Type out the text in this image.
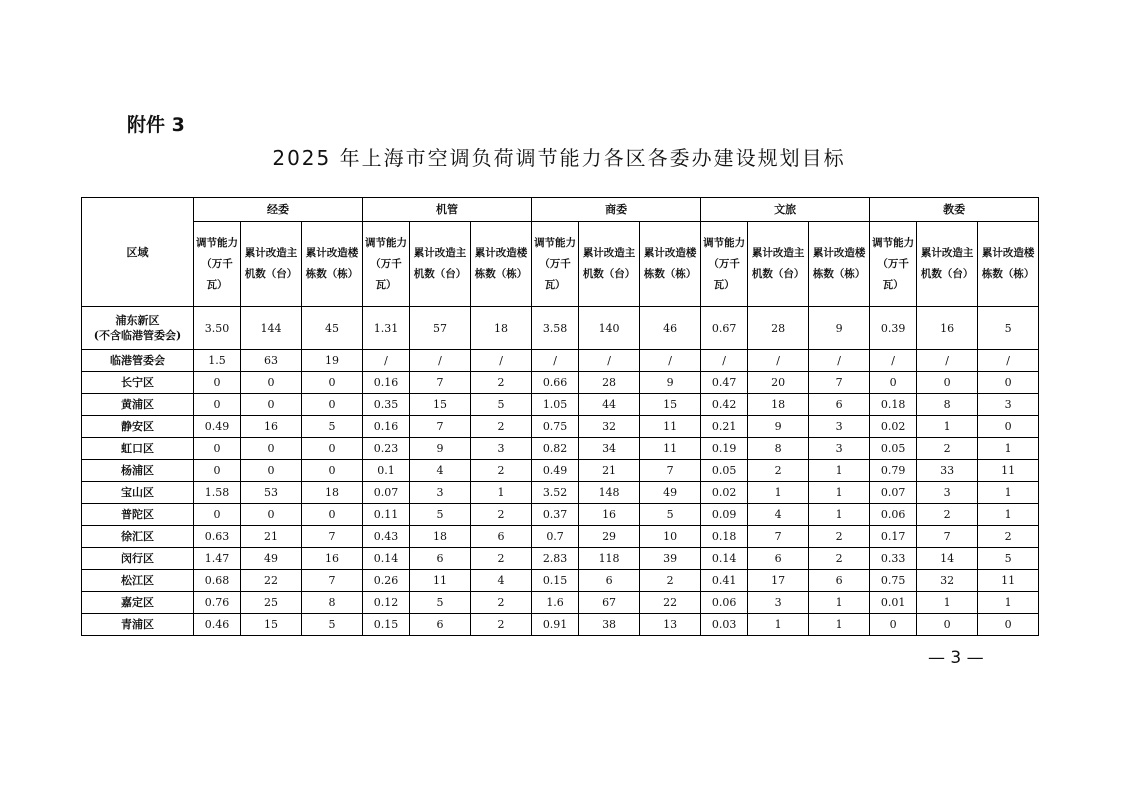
附件 3
2025 年上海市空调负荷调节能力各区各委办建设规划目标
区域	经委			机管			商委			文旅			教委		
	调节能力（万千瓦）	累计改造主机数（台）	累计改造楼栋数（栋）	调节能力（万千瓦）	累计改造主机数（台）	累计改造楼栋数（栋）	调节能力（万千瓦）	累计改造主机数（台）	累计改造楼栋数（栋）	调节能力（万千瓦）	累计改造主机数（台）	累计改造楼栋数（栋）	调节能力（万千瓦）	累计改造主机数（台）	累计改造楼栋数（栋）
浦东新区
(不含临港管委会)	3.50	144	45	1.31	57	18	3.58	140	46	0.67	28	9	0.39	16	5
临港管委会	1.5	63	19	/	/	/	/	/	/	/	/	/	/	/	/
长宁区	0	0	0	0.16	7	2	0.66	28	9	0.47	20	7	0	0	0
黄浦区	0	0	0	0.35	15	5	1.05	44	15	0.42	18	6	0.18	8	3
静安区	0.49	16	5	0.16	7	2	0.75	32	11	0.21	9	3	0.02	1	0
虹口区	0	0	0	0.23	9	3	0.82	34	11	0.19	8	3	0.05	2	1
杨浦区	0	0	0	0.1	4	2	0.49	21	7	0.05	2	1	0.79	33	11
宝山区	1.58	53	18	0.07	3	1	3.52	148	49	0.02	1	1	0.07	3	1
普陀区	0	0	0	0.11	5	2	0.37	16	5	0.09	4	1	0.06	2	1
徐汇区	0.63	21	7	0.43	18	6	0.7	29	10	0.18	7	2	0.17	7	2
闵行区	1.47	49	16	0.14	6	2	2.83	118	39	0.14	6	2	0.33	14	5
松江区	0.68	22	7	0.26	11	4	0.15	6	2	0.41	17	6	0.75	32	11
嘉定区	0.76	25	8	0.12	5	2	1.6	67	22	0.06	3	1	0.01	1	1
青浦区	0.46	15	5	0.15	6	2	0.91	38	13	0.03	1	1	0	0	0
— 3 —
